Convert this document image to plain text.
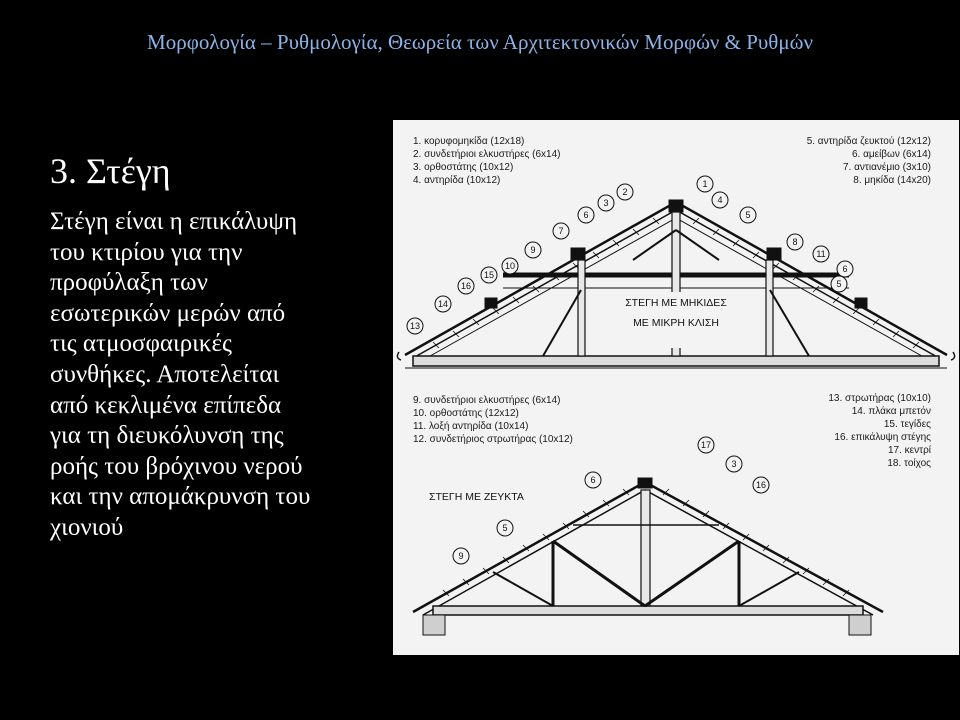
Μορφολογία – Ρυθμολογία, Θεωρεία των Αρχιτεκτονικών Μορφών & Ρυθμών
3. Στέγη
Στέγη είναι η επικάλυψη
του κτιρίου για την
προφύλαξη των
εσωτερικών μερών από
τις ατμοσφαιρικές
συνθήκες. Αποτελείται
από κεκλιμένα επίπεδα
για τη διευκόλυνση της
ροής του βρόχινου νερού
και την απομάκρυνση του
χιονιού
1. κορυφομηκίδα (12x18)
2. συνδετήριοι ελκυστήρες (6x14)
3. ορθοστάτης (10x12)
4. αντηρίδα (10x12)
5. αντηρίδα ζευκτού (12x12)
6. αμείβων (6x14)
7. αντιανέμιο (3x10)
8. μηκίδα (14x20)
ΣΤΕΓΗ ΜΕ ΜΗΚΙΔΕΣ
ΜΕ ΜΙΚΡΗ ΚΛΙΣΗ
1
2
3	4
5
6
7
8
9
10
11
5
6
13
14
15
16
9. συνδετήριοι ελκυστήρες (6x14)
10. ορθοστάτης (12x12)
11. λοξή αντηρίδα (10x14)
12. συνδετήριος στρωτήρας (10x12)
13. στρωτήρας (10x10)
14. πλάκα μπετόν
15. τεγίδες
16. επικάλυψη στέγης
17. κεντρί
18. τοίχος
ΣΤΕΓΗ ΜΕ ΖΕΥΚΤΑ
17
3
6	16
5
9
